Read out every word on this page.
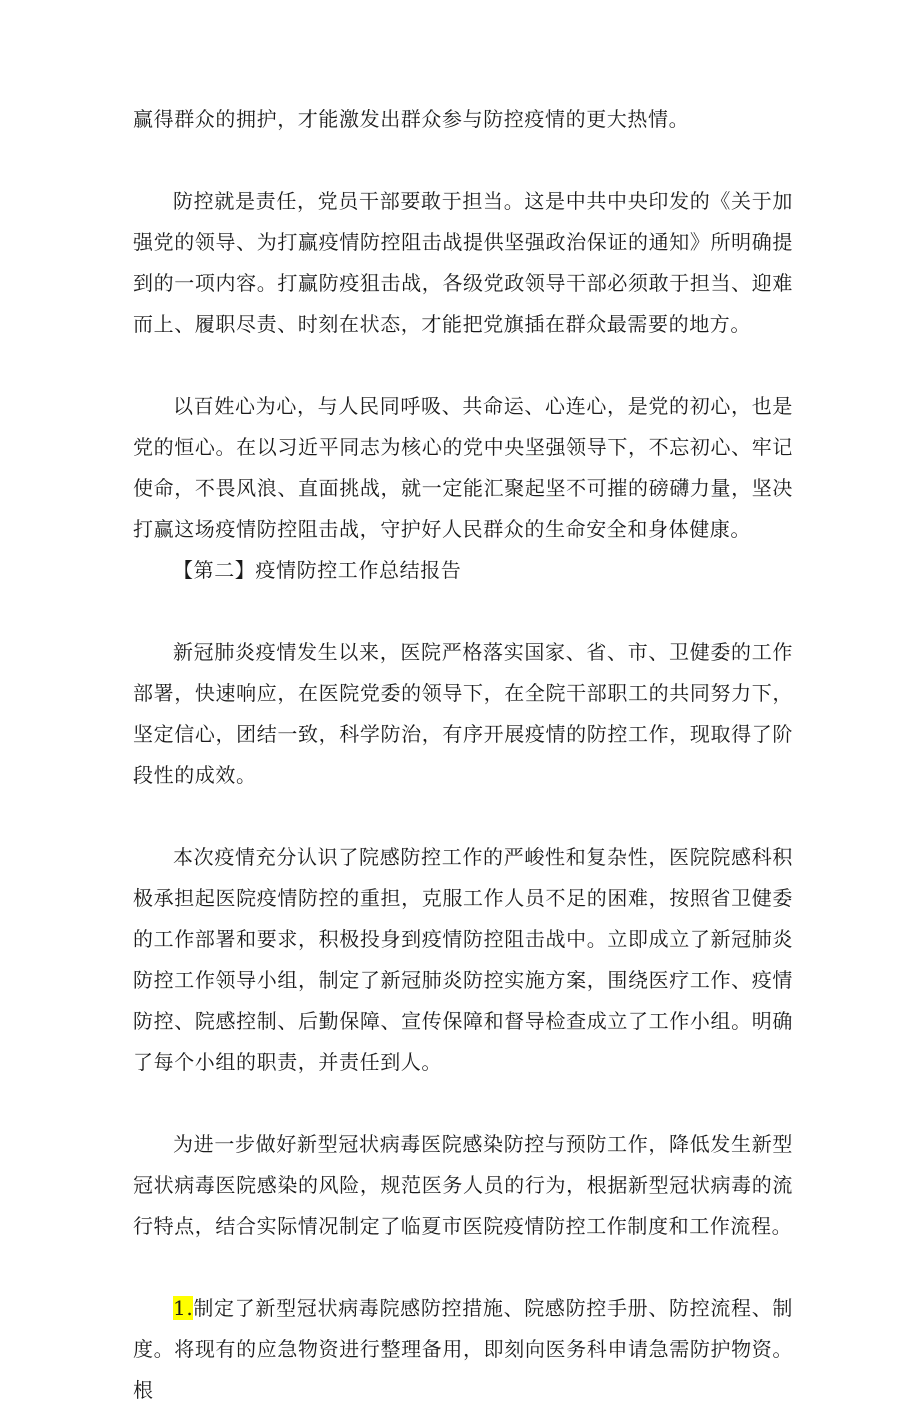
赢得群众的拥护，才能激发出群众参与防控疫情的更大热情。

防控就是责任，党员干部要敢于担当。这是中共中央印发的《关于加强党的领导、为打赢疫情防控阻击战提供坚强政治保证的通知》所明确提到的一项内容。打赢防疫狙击战，各级党政领导干部必须敢于担当、迎难而上、履职尽责、时刻在状态，才能把党旗插在群众最需要的地方。

以百姓心为心，与人民同呼吸、共命运、心连心，是党的初心，也是党的恒心。在以习近平同志为核心的党中央坚强领导下，不忘初心、牢记使命，不畏风浪、直面挑战，就一定能汇聚起坚不可摧的磅礴力量，坚决打赢这场疫情防控阻击战，守护好人民群众的生命安全和身体健康。

【第二】疫情防控工作总结报告

新冠肺炎疫情发生以来，医院严格落实国家、省、市、卫健委的工作部署，快速响应，在医院党委的领导下，在全院干部职工的共同努力下，坚定信心，团结一致，科学防治，有序开展疫情的防控工作，现取得了阶段性的成效。

本次疫情充分认识了院感防控工作的严峻性和复杂性，医院院感科积极承担起医院疫情防控的重担，克服工作人员不足的困难，按照省卫健委的工作部署和要求，积极投身到疫情防控阻击战中。立即成立了新冠肺炎防控工作领导小组，制定了新冠肺炎防控实施方案，围绕医疗工作、疫情防控、院感控制、后勤保障、宣传保障和督导检查成立了工作小组。明确了每个小组的职责，并责任到人。

为进一步做好新型冠状病毒医院感染防控与预防工作，降低发生新型冠状病毒医院感染的风险，规范医务人员的行为，根据新型冠状病毒的流行特点，结合实际情况制定了临夏市医院疫情防控工作制度和工作流程。

1.制定了新型冠状病毒院感防控措施、院感防控手册、防控流程、制度。将现有的应急物资进行整理备用，即刻向医务科申请急需防护物资。根
